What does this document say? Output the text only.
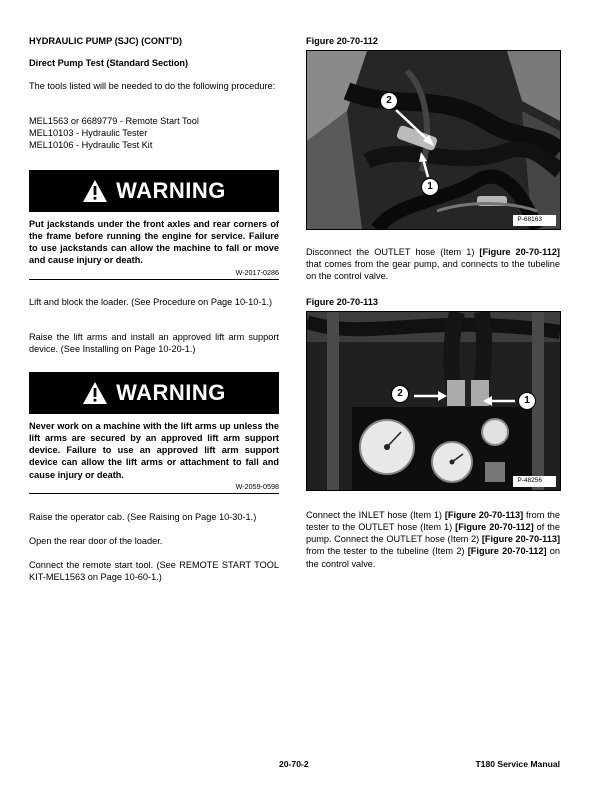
HYDRAULIC PUMP (SJC) (CONT'D)
Direct Pump Test (Standard Section)

The tools listed will be needed to do the following procedure:

MEL1563 or 6689779 - Remote Start Tool
MEL10103 - Hydraulic Tester
MEL10106 - Hydraulic Test Kit
WARNING
Put jackstands under the front axles and rear corners of the frame before running the engine for service. Failure to use jackstands can allow the machine to fall or move and cause injury or death.
W-2017-0286

Lift and block the loader. (See Procedure on Page 10-10-1.)

Raise the lift arms and install an approved lift arm support device. (See Installing on Page 10-20-1.)

WARNING
Never work on a machine with the lift arms up unless the lift arms are secured by an approved lift arm support device. Failure to use an approved lift arm support device can allow the lift arms or attachment to fall and cause injury or death.
W-2059-0598

Raise the operator cab. (See Raising on Page 10-30-1.)

Open the rear door of the loader.

Connect the remote start tool. (See REMOTE START TOOL KIT-MEL1563 on Page 10-60-1.)

Figure 20-70-112
2
1
P-68163

Disconnect the OUTLET hose (Item 1) [Figure 20-70-112] that comes from the gear pump, and connects to the tubeline on the control valve.

Figure 20-70-113
2
1
P-48256

Connect the INLET hose (Item 1) [Figure 20-70-113] from the tester to the OUTLET hose (Item 1) [Figure 20-70-112] of the pump. Connect the OUTLET hose (Item 2) [Figure 20-70-113] from the tester to the tubeline (Item 2) [Figure 20-70-112] on the control valve.

20-70-2	T180 Service Manual
